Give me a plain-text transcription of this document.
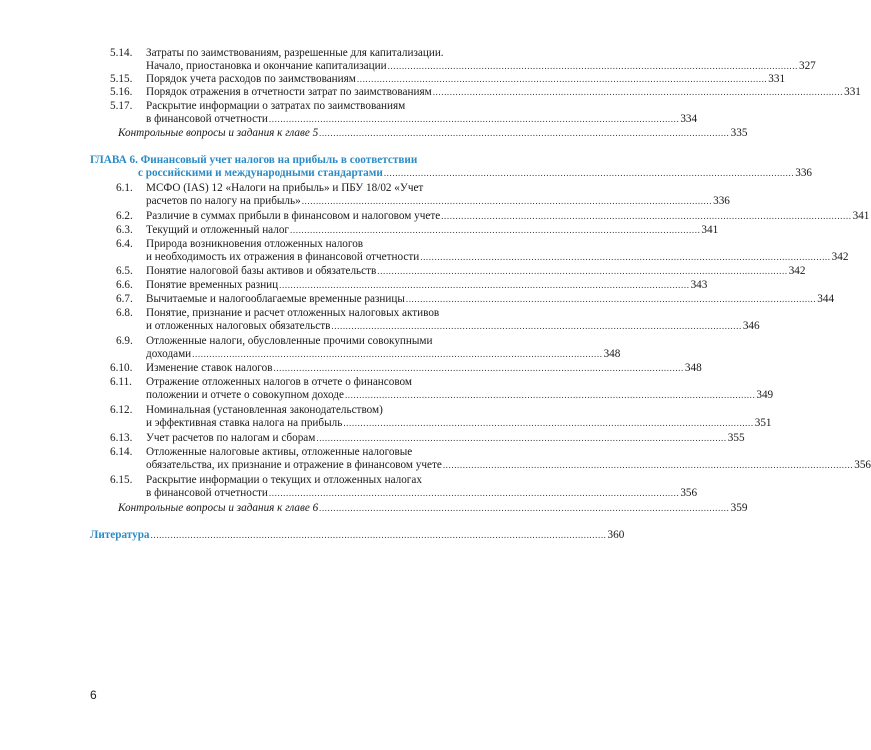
5.14. Затраты по заимствованиям, разрешенные для капитализации.
Начало, приостановка и окончание капитализации ................................................................................................................................................ 327
5.15. Порядок учета расходов по заимствованиям ................................................................................................................................................ 331
5.16. Порядок отражения в отчетности затрат по заимствованиям ................................................................................................................................................ 331
5.17. Раскрытие информации о затратах по заимствованиям
в финансовой отчетности ................................................................................................................................................ 334
Контрольные вопросы и задания к главе 5 ................................................................................................................................................ 335
ГЛАВА 6. Финансовый учет налогов на прибыль в соответствии
с российскими и международными стандартами ................................................................................................................................................ 336
6.1. МСФО (IAS) 12 «Налоги на прибыль» и ПБУ 18/02 «Учет
расчетов по налогу на прибыль» ................................................................................................................................................ 336
6.2. Различие в суммах прибыли в финансовом и налоговом учете ................................................................................................................................................ 341
6.3. Текущий и отложенный налог ................................................................................................................................................ 341
6.4. Природа возникновения отложенных налогов
и необходимость их отражения в финансовой отчетности ................................................................................................................................................ 342
6.5. Понятие налоговой базы активов и обязательств ................................................................................................................................................ 342
6.6. Понятие временных разниц ................................................................................................................................................ 343
6.7. Вычитаемые и налогооблагаемые временные разницы ................................................................................................................................................ 344
6.8. Понятие, признание и расчет отложенных налоговых активов
и отложенных налоговых обязательств ................................................................................................................................................ 346
6.9. Отложенные налоги, обусловленные прочими совокупными
доходами ................................................................................................................................................ 348
6.10. Изменение ставок налогов ................................................................................................................................................ 348
6.11. Отражение отложенных налогов в отчете о финансовом
положении и отчете о совокупном доходе ................................................................................................................................................ 349
6.12. Номинальная (установленная законодательством)
и эффективная ставка налога на прибыль ................................................................................................................................................ 351
6.13. Учет расчетов по налогам и сборам ................................................................................................................................................ 355
6.14. Отложенные налоговые активы, отложенные налоговые
обязательства, их признание и отражение в финансовом учете ................................................................................................................................................ 356
6.15. Раскрытие информации о текущих и отложенных налогах
в финансовой отчетности ................................................................................................................................................ 356
Контрольные вопросы и задания к главе 6 ................................................................................................................................................ 359
Литература ................................................................................................................................................................ 360
6
